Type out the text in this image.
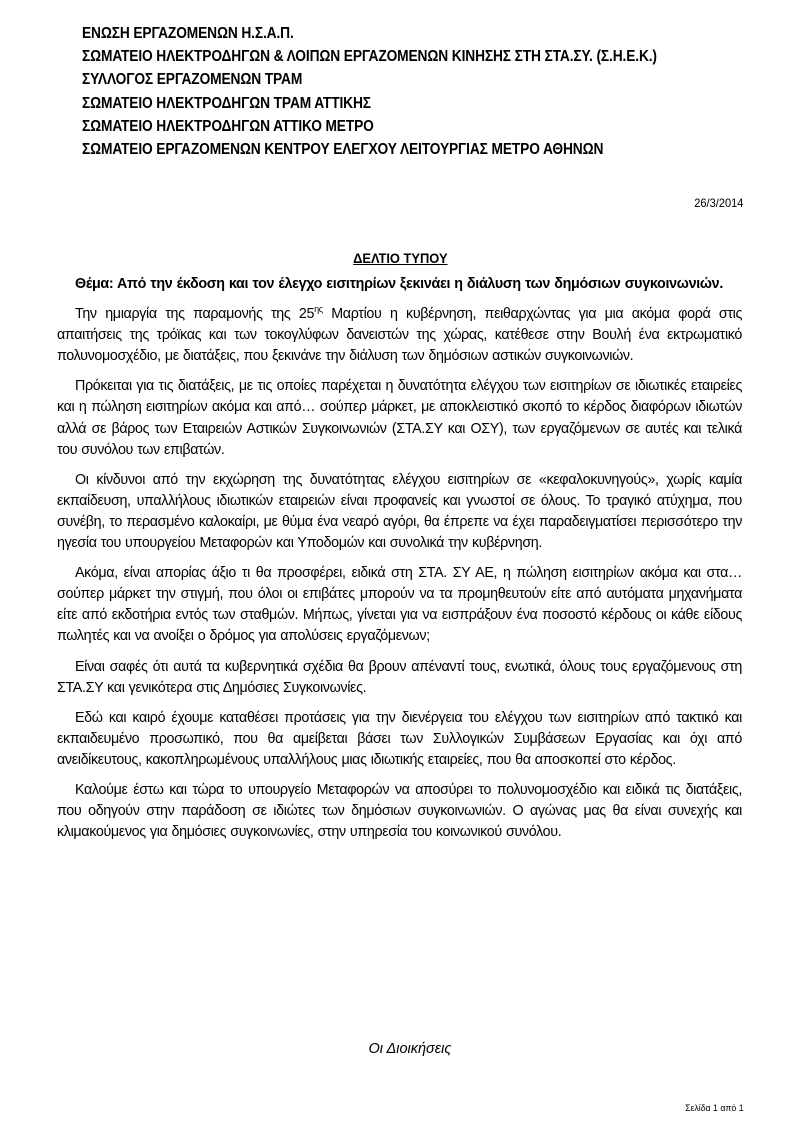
ΕΝΩΣΗ ΕΡΓΑΖΟΜΕΝΩΝ Η.Σ.Α.Π.
ΣΩΜΑΤΕΙΟ ΗΛΕΚΤΡΟΔΗΓΩΝ & ΛΟΙΠΩΝ ΕΡΓΑΖΟΜΕΝΩΝ ΚΙΝΗΣΗΣ ΣΤΗ ΣΤΑ.ΣΥ. (Σ.Η.Ε.Κ.)
ΣΥΛΛΟΓΟΣ ΕΡΓΑΖΟΜΕΝΩΝ ΤΡΑΜ
ΣΩΜΑΤΕΙΟ ΗΛΕΚΤΡΟΔΗΓΩΝ ΤΡΑΜ ΑΤΤΙΚΗΣ
ΣΩΜΑΤΕΙΟ ΗΛΕΚΤΡΟΔΗΓΩΝ ΑΤΤΙΚΟ ΜΕΤΡΟ
ΣΩΜΑΤΕΙΟ ΕΡΓΑΖΟΜΕΝΩΝ ΚΕΝΤΡΟΥ ΕΛΕΓΧΟΥ ΛΕΙΤΟΥΡΓΙΑΣ ΜΕΤΡΟ ΑΘΗΝΩΝ
26/3/2014
ΔΕΛΤΙΟ ΤΥΠΟΥ

Θέμα: Από την έκδοση και τον έλεγχο εισιτηρίων ξεκινάει η διάλυση των δημόσιων συγκοινωνιών.

Την ημιαργία της παραμονής της $25^{\eta\varsigma}$ Μαρτίου η κυβέρνηση, πειθαρχώντας για μια ακόμα φορά στις απαιτήσεις της τρόϊκας και των τοκογλύφων δανειστών της χώρας, κατέθεσε στην Βουλή ένα εκτρωματικό πολυνομοσχέδιο, με διατάξεις, που ξεκινάνε την διάλυση των δημόσιων αστικών συγκοινωνιών.

Πρόκειται για τις διατάξεις, με τις οποίες παρέχεται η δυνατότητα ελέγχου των εισιτηρίων σε ιδιωτικές εταιρείες και η πώληση εισιτηρίων ακόμα και από… σούπερ μάρκετ, με αποκλειστικό σκοπό το κέρδος διαφόρων ιδιωτών αλλά σε βάρος των Εταιρειών Αστικών Συγκοινωνιών (ΣΤΑ.ΣΥ και ΟΣΥ), των εργαζόμενων σε αυτές και τελικά του συνόλου των επιβατών.

Οι κίνδυνοι από την εκχώρηση της δυνατότητας ελέγχου εισιτηρίων σε «κεφαλοκυνηγούς», χωρίς καμία εκπαίδευση, υπαλλήλους ιδιωτικών εταιρειών είναι προφανείς και γνωστοί σε όλους. Το τραγικό ατύχημα, που συνέβη, το περασμένο καλοκαίρι, με θύμα ένα νεαρό αγόρι, θα έπρεπε να έχει παραδειγματίσει περισσότερο την ηγεσία του υπουργείου Μεταφορών και Υποδομών και συνολικά την κυβέρνηση.

Ακόμα, είναι απορίας άξιο τι θα προσφέρει, ειδικά στη ΣΤΑ. ΣΥ ΑΕ, η πώληση εισιτηρίων ακόμα και στα… σούπερ μάρκετ την στιγμή, που όλοι οι επιβάτες μπορούν να τα προμηθευτούν είτε από αυτόματα μηχανήματα είτε από εκδοτήρια εντός των σταθμών. Μήπως, γίνεται για να εισπράξουν ένα ποσοστό κέρδους οι κάθε είδους πωλητές και να ανοίξει ο δρόμος για απολύσεις εργαζόμενων;

Είναι σαφές ότι αυτά τα κυβερνητικά σχέδια θα βρουν απέναντί τους, ενωτικά, όλους τους εργαζόμενους στη ΣΤΑ.ΣΥ και γενικότερα στις Δημόσιες Συγκοινωνίες.

Εδώ και καιρό έχουμε καταθέσει προτάσεις για την διενέργεια του ελέγχου των εισιτηρίων από τακτικό και εκπαιδευμένο προσωπικό, που θα αμείβεται βάσει των Συλλογικών Συμβάσεων Εργασίας και όχι από ανειδίκευτους, κακοπληρωμένους υπαλλήλους μιας ιδιωτικής εταιρείες, που θα αποσκοπεί στο κέρδος.

Καλούμε έστω και τώρα το υπουργείο Μεταφορών να αποσύρει το πολυνομοσχέδιο και ειδικά τις διατάξεις, που οδηγούν στην παράδοση σε ιδιώτες των δημόσιων συγκοινωνιών. Ο αγώνας μας θα είναι συνεχής και κλιμακούμενος για δημόσιες συγκοινωνίες, στην υπηρεσία του κοινωνικού συνόλου.

Οι Διοικήσεις
Σελίδα 1 από 1
